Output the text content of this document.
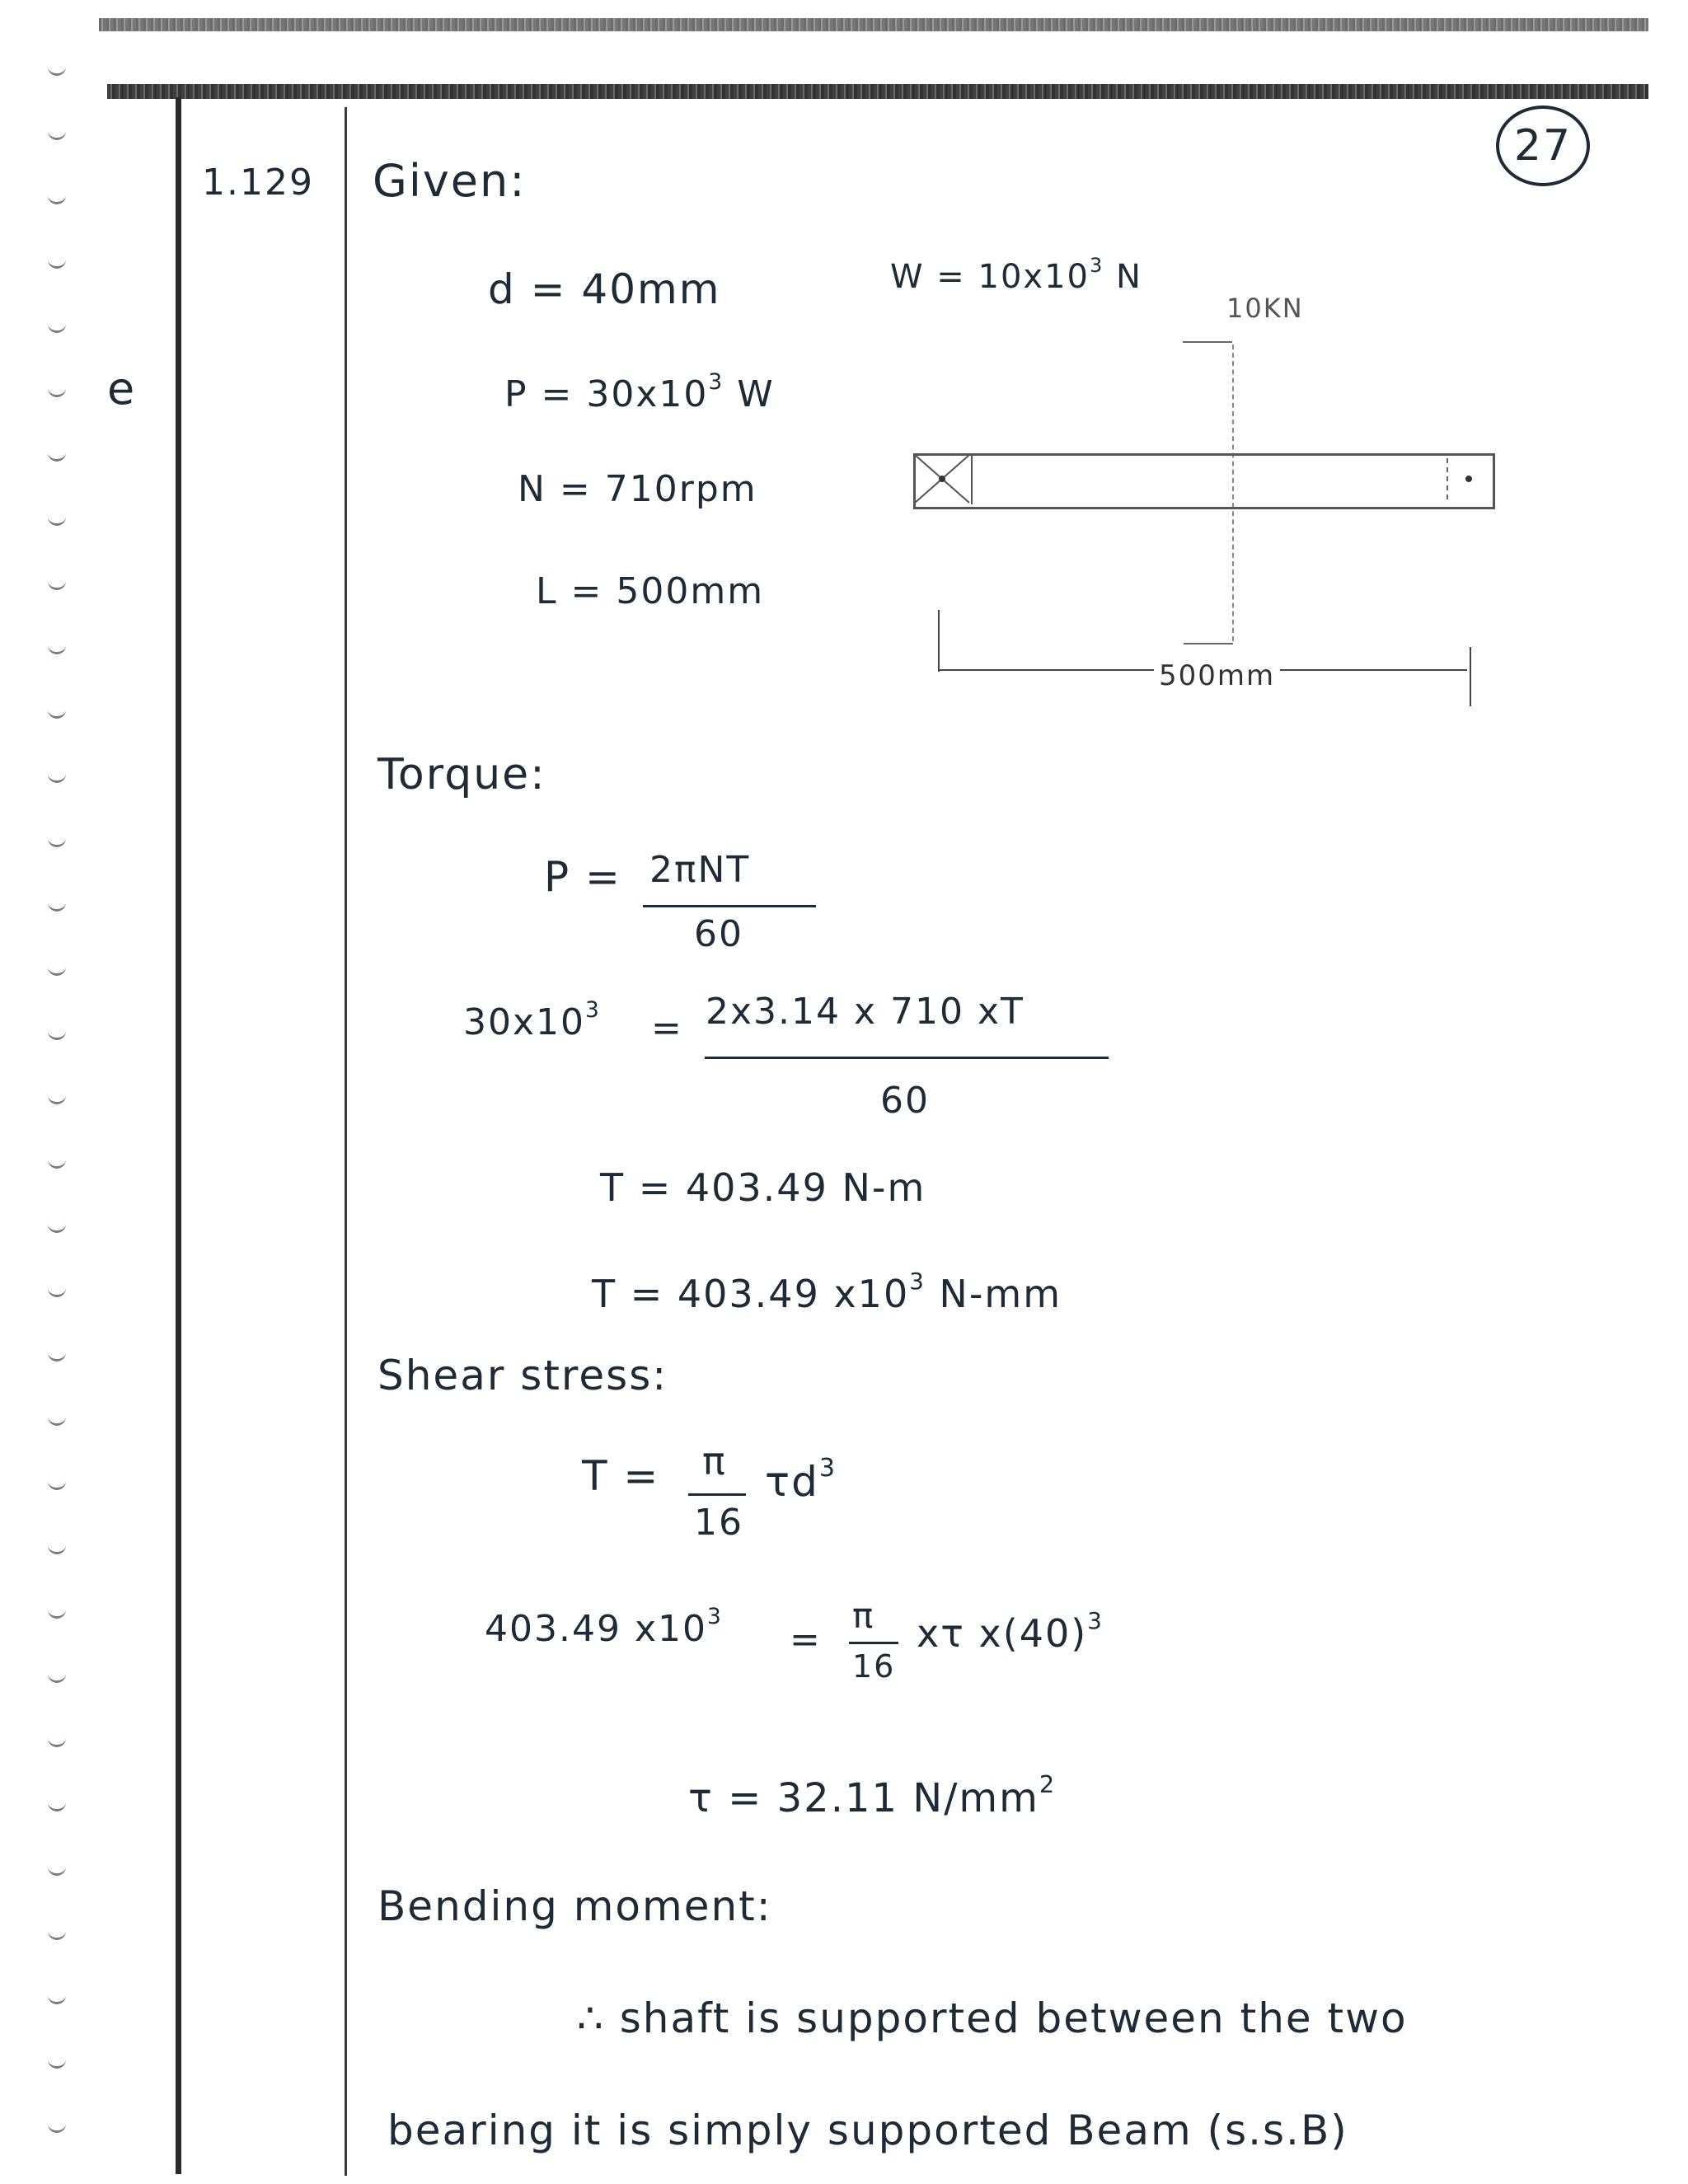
27
e
1.129 Given:
d = 40mm
$P = 30x10^3$ W
N = 710rpm
L = 500mm
$W = 10x10^3$ N
10KN
500mm
Torque:
P = 2πNT
60
$30x10^3 = 2x3.14$ x 710 xT
60
T = 403.49 N-m
T = 403.49 $x10^3$ N-mm
Shear stress:
T = π
16
$\tau d^3$
403.49 $x10^3$
=
π
16
xτ $x(40)^3$
τ = 32.11 $N/mm^2$
Bending moment:
∴ shaft is supported between the two
bearing it is simply supported Beam (s.s.B)
